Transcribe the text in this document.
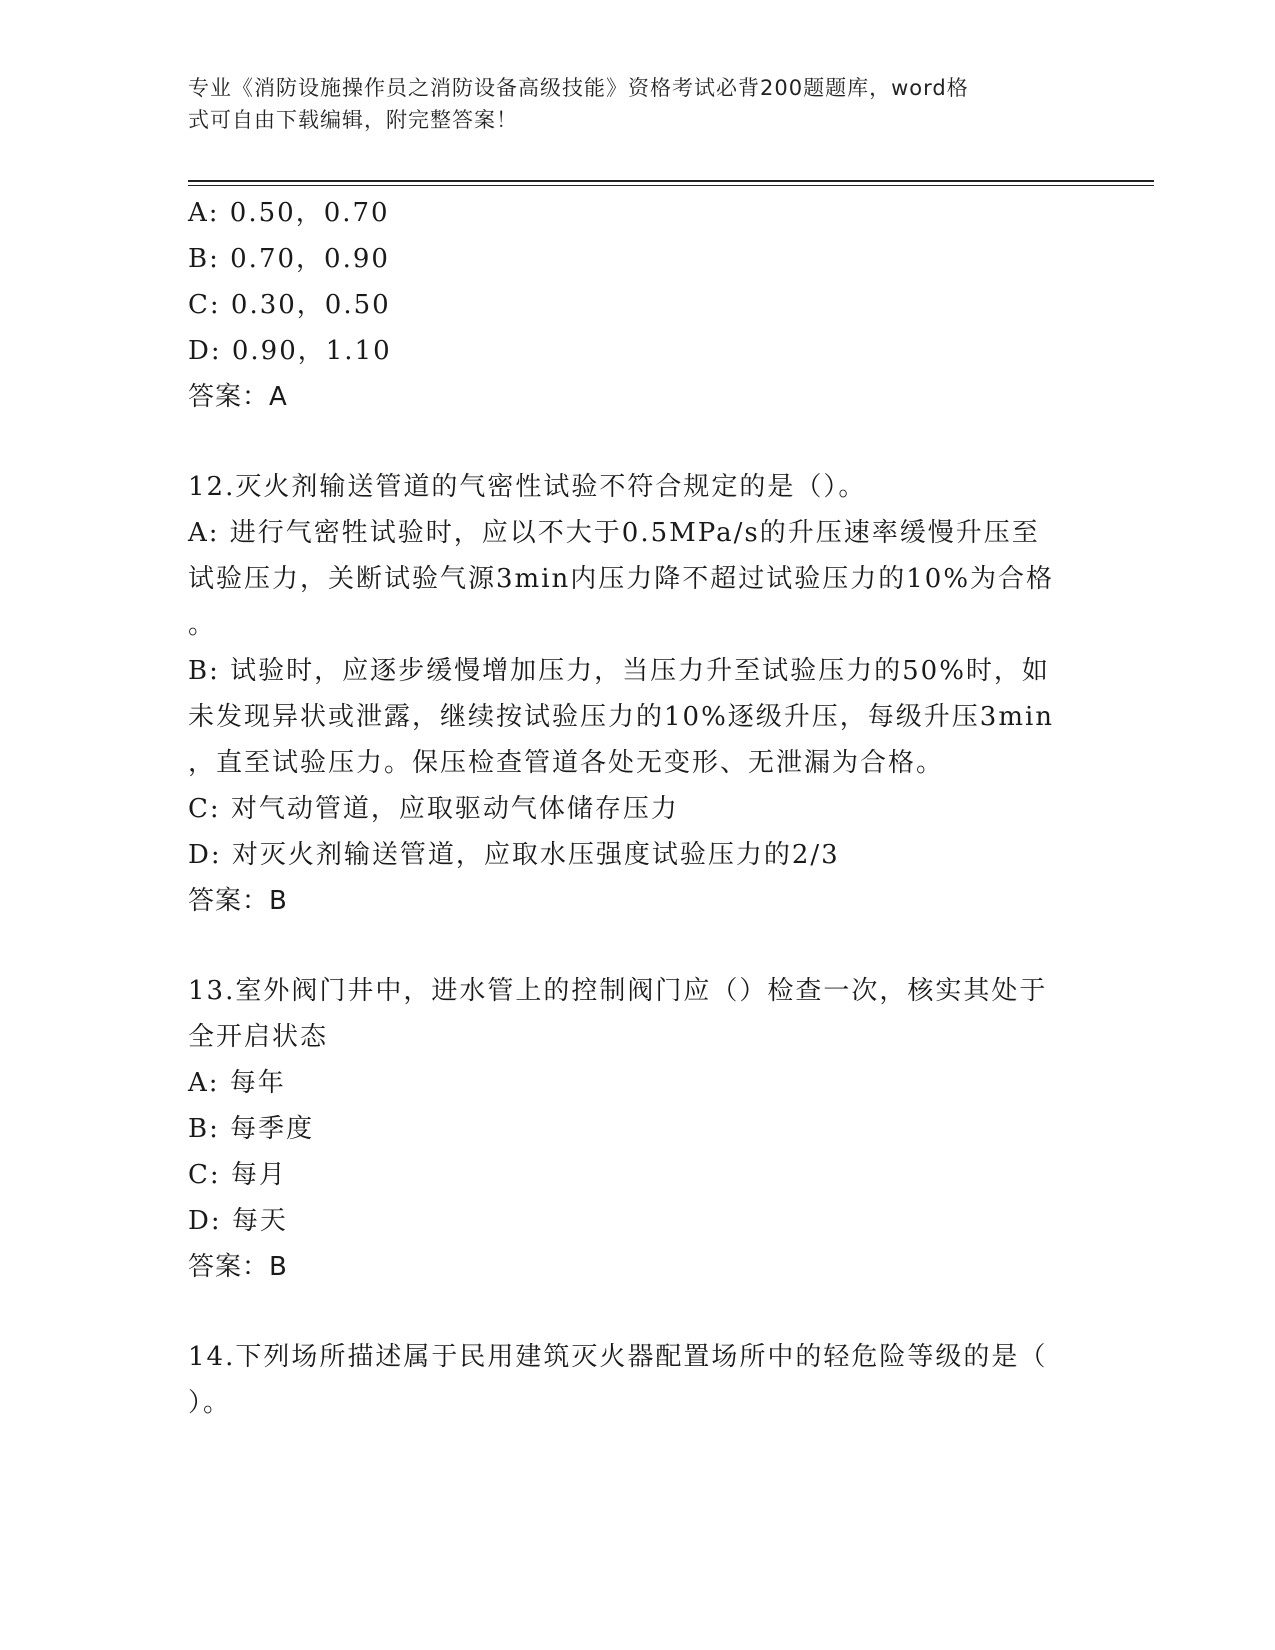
专业《消防设施操作员之消防设备高级技能》资格考试必背200题题库，word格
式可自由下载编辑，附完整答案！
A: 0.50，0.70
B: 0.70，0.90
C: 0.30，0.50
D: 0.90，1.10
答案：A
12.灭火剂输送管道的气密性试验不符合规定的是（）。
A: 进行气密牲试验时，应以不大于0.5MPa/s的升压速率缓慢升压至
试验压力，关断试验气源3min内压力降不超过试验压力的10%为合格
。
B: 试验时，应逐步缓慢增加压力，当压力升至试验压力的50%时，如
未发现异状或泄露，继续按试验压力的10%逐级升压，每级升压3min
，直至试验压力。保压检查管道各处无变形、无泄漏为合格。
C: 对气动管道，应取驱动气体储存压力
D: 对灭火剂输送管道，应取水压强度试验压力的2/3
答案：B
13.室外阀门井中，进水管上的控制阀门应（）检查一次，核实其处于
全开启状态
A: 每年
B: 每季度
C: 每月
D: 每天
答案：B
14.下列场所描述属于民用建筑灭火器配置场所中的轻危险等级的是（
）。
